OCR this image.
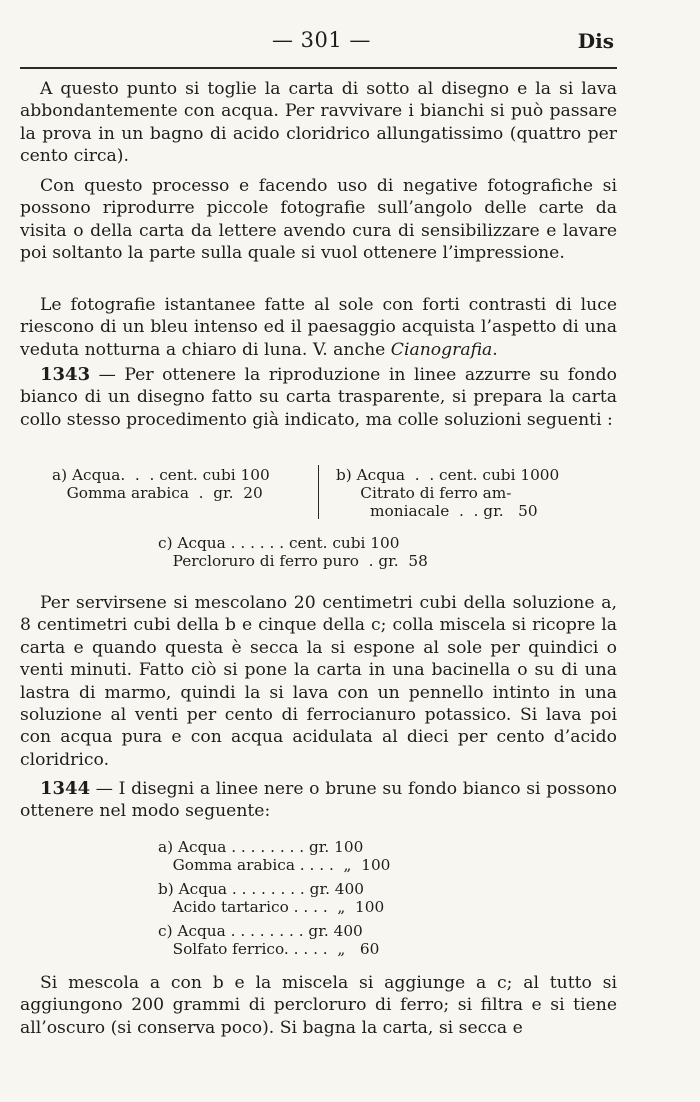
— 301 —	Dis

A questo punto si toglie la carta di sotto al disegno e la si lava abbondantemente con acqua. Per ravvivare i bianchi si può passare la prova in un bagno di acido cloridrico allungatissimo (quattro per cento circa).

Con questo processo e facendo uso di negative fotografiche si possono riprodurre piccole fotografie sull’angolo delle carte da visita o della carta da lettere avendo cura di sensibilizzare e lavare poi soltanto la parte sulla quale si vuol ottenere l’impressione.

Le fotografie istantanee fatte al sole con forti contrasti di luce riescono di un bleu intenso ed il paesaggio acquista l’aspetto di una veduta notturna a chiaro di luna. V. anche Cianografia.

1343 — Per ottenere la riproduzione in linee azzurre su fondo bianco di un disegno fatto su carta trasparente, si prepara la carta collo stesso procedimento già indicato, ma colle soluzioni seguenti :

a) Acqua.  .  . cent. cubi 100
Gomma arabica  .  gr.  20
b) Acqua  .  . cent. cubi 1000
Citrato di ferro am-
moniacale  .  . gr.   50
c) Acqua . . . . . . cent. cubi 100
Percloruro di ferro puro  . gr.  58

Per servirsene si mescolano 20 centimetri cubi della soluzione a, 8 centimetri cubi della b e cinque della c; colla miscela si ricopre la carta e quando questa è secca la si espone al sole per quindici o venti minuti. Fatto ciò si pone la carta in una bacinella o su di una lastra di marmo, quindi la si lava con un pennello intinto in una soluzione al venti per cento di ferrocianuro potassico. Si lava poi con acqua pura e con acqua acidulata al dieci per cento d’acido cloridrico.

1344 — I disegni a linee nere o brune su fondo bianco si possono ottenere nel modo seguente:

a) Acqua . . . . . . . . gr. 100
Gomma arabica . . . .  „  100
b) Acqua . . . . . . . . gr. 400
Acido tartarico . . . .  „  100
c) Acqua . . . . . . . . gr. 400
Solfato ferrico. . . . .  „   60

Si mescola a con b e la miscela si aggiunge a c; al tutto si aggiungono 200 grammi di percloruro di ferro; si filtra e si tiene all’oscuro (si conserva poco). Si bagna la carta, si secca e
